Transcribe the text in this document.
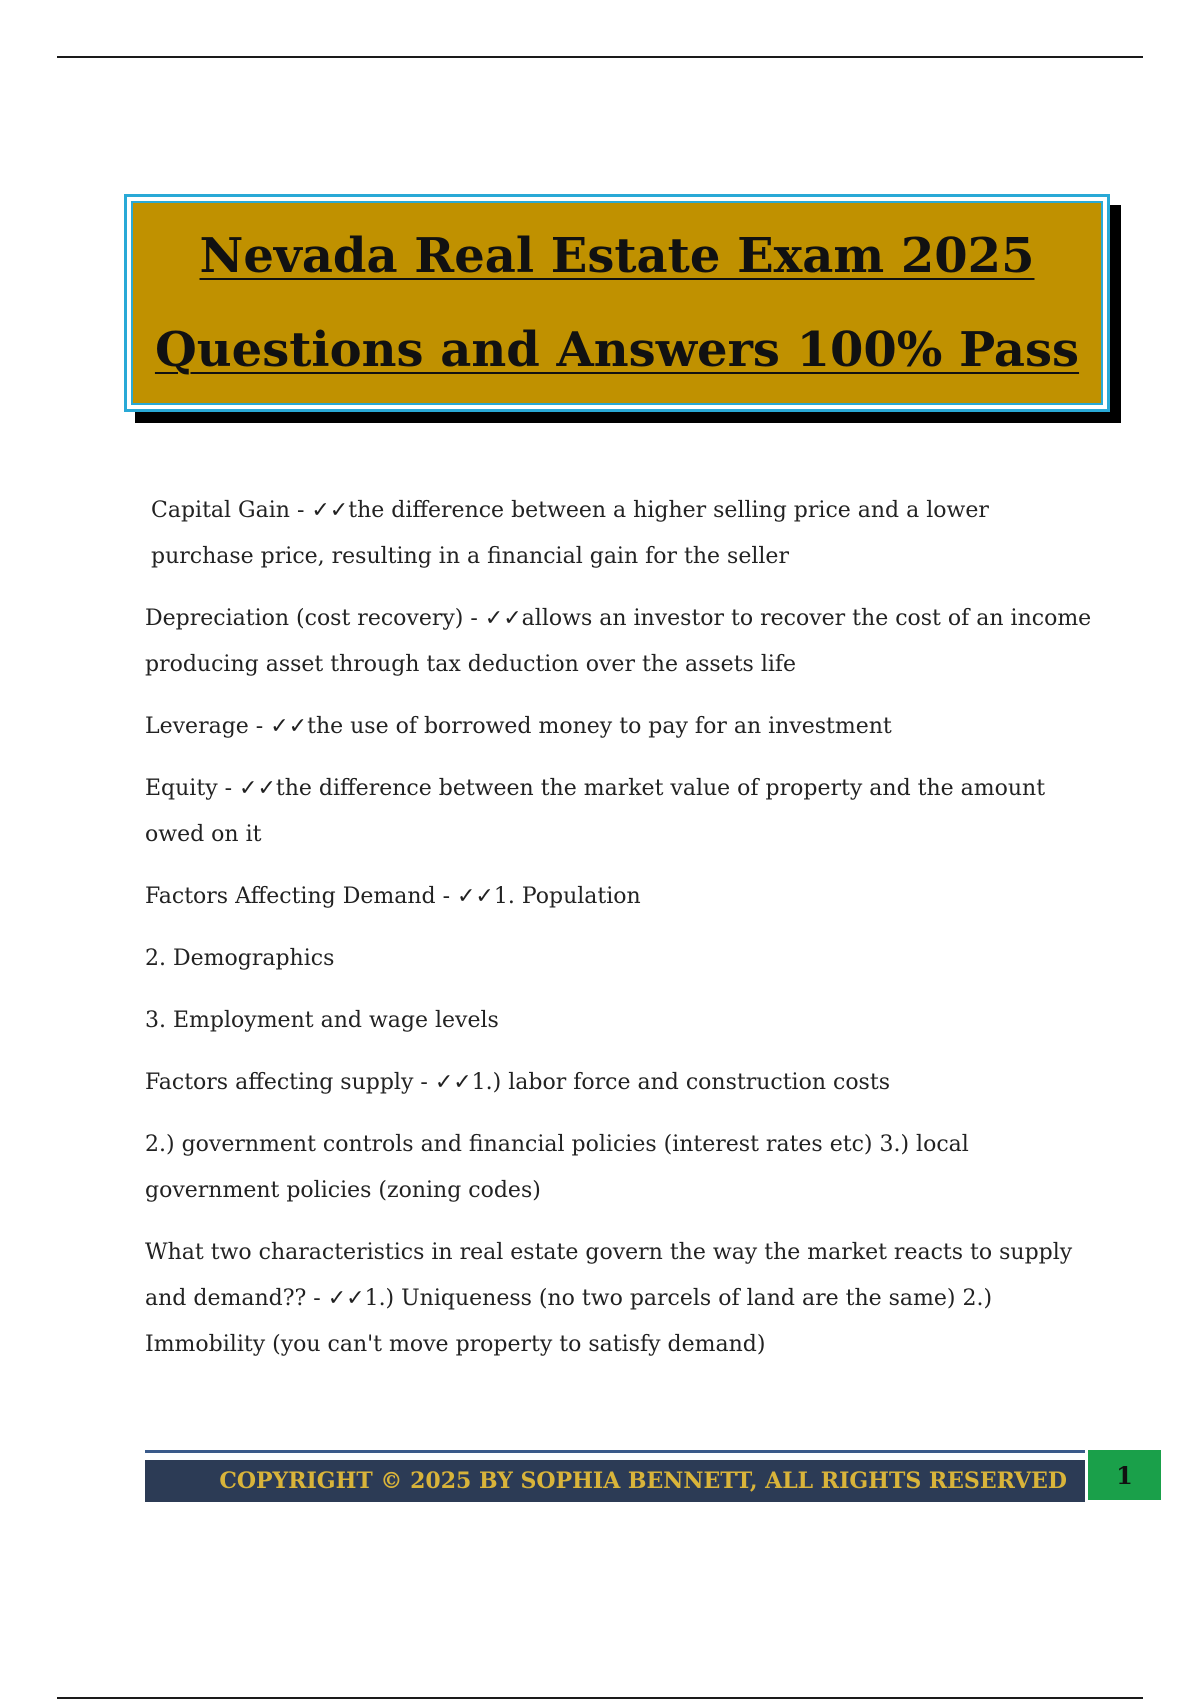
Nevada Real Estate Exam 2025
Questions and Answers 100% Pass

Capital Gain - ✓✓the difference between a higher selling price and a lower purchase price, resulting in a financial gain for the seller

Depreciation (cost recovery) - ✓✓allows an investor to recover the cost of an income producing asset through tax deduction over the assets life

Leverage - ✓✓the use of borrowed money to pay for an investment

Equity - ✓✓the difference between the market value of property and the amount owed on it

Factors Affecting Demand - ✓✓1. Population

2. Demographics

3. Employment and wage levels

Factors affecting supply - ✓✓1.) labor force and construction costs

2.) government controls and financial policies (interest rates etc) 3.) local government policies (zoning codes)

What two characteristics in real estate govern the way the market reacts to supply and demand?? - ✓✓1.) Uniqueness (no two parcels of land are the same) 2.) Immobility (you can't move property to satisfy demand)

COPYRIGHT © 2025 BY SOPHIA BENNETT, ALL RIGHTS RESERVED 1
